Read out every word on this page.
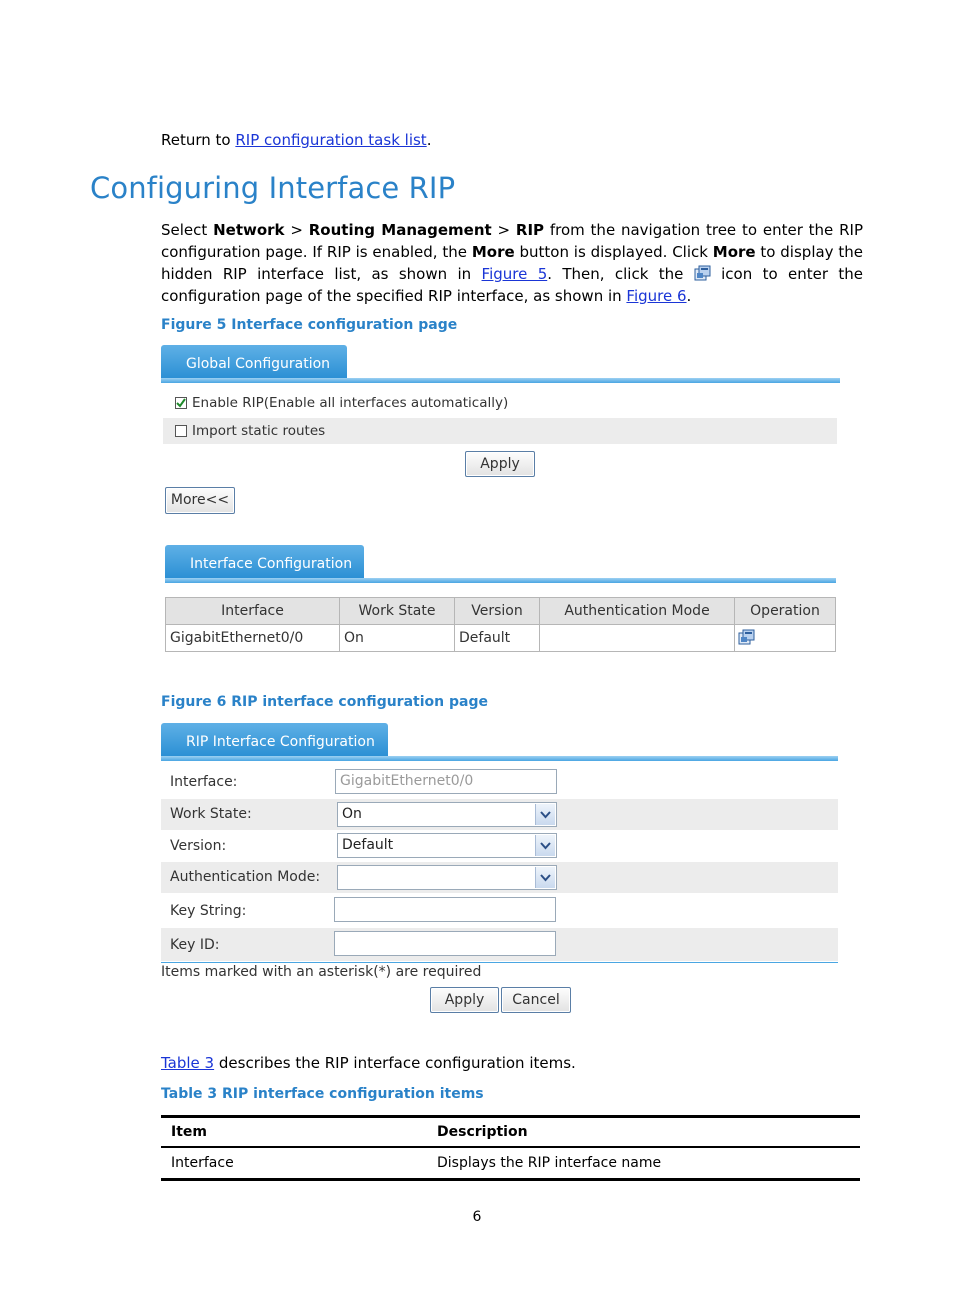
Return to RIP configuration task list.
Configuring Interface RIP

Select Network > Routing Management > RIP from the navigation tree to enter the RIP configuration page. If RIP is enabled, the More button is displayed. Click More to display the hidden RIP interface list, as shown in Figure 5. Then, click the  icon to enter the configuration page of the specified RIP interface, as shown in Figure 6.

Figure 5 Interface configuration page
Global Configuration
Enable RIP(Enable all interfaces automatically)
Import static routes
Apply
More<<
Interface Configuration
Interface	Work State	Version	Authentication Mode	Operation
GigabitEthernet0/0	On	Default		
Figure 6 RIP interface configuration page
RIP Interface Configuration
Interface:	GigabitEthernet0/0
Work State:	On
Version:	Default
Authentication Mode:
Key String:
Key ID:
Items marked with an asterisk(*) are required
Apply	Cancel
Table 3 describes the RIP interface configuration items.
Table 3 RIP interface configuration items
Item	Description
Interface	Displays the RIP interface name
6
